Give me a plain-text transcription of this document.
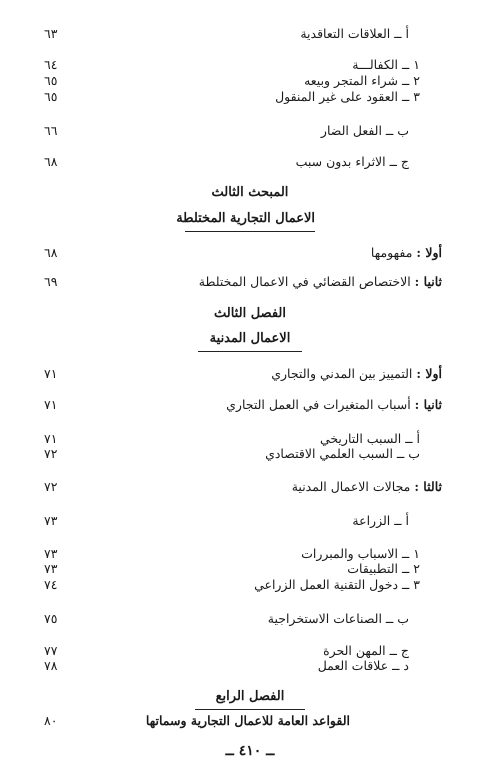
أ ــ العلاقات التعاقدية
٦٣
١ ــ الكفالـــة
٦٤
٢ ــ شراء المتجر وبيعه
٦٥
٣ ــ العقود على غير المنقول
٦٥
ب ــ الفعل الضار
٦٦
ج ــ الاثراء بدون سبب
٦٨
المبحث الثالث
الاعمال التجارية المختلطة
أولا : مفهومها
٦٨
ثانيا : الاختصاص القضائي في الاعمال المختلطة
٦٩
الفصل الثالث
الاعمال المدنية
أولا : التمييز بين المدني والتجاري
٧١
ثانيا : أسباب المتغيرات في العمل التجاري
٧١
أ ــ السبب التاريخي
٧١
ب ــ السبب العلمي الاقتصادي
٧٢
ثالثا : مجالات الاعمال المدنية
٧٢
أ ــ الزراعة
٧٣
١ ــ الاسباب والمبررات
٧٣
٢ ــ التطبيقات
٧٣
٣ ــ دخول التقنية العمل الزراعي
٧٤
ب ــ الصناعات الاستخراجية
٧٥
ج ــ المهن الحرة
٧٧
د ــ علاقات العمل
٧٨
الفصل الرابع
القواعد العامة للاعمال التجارية وسماتها
٨٠
ــ ٤١٠ ــ
